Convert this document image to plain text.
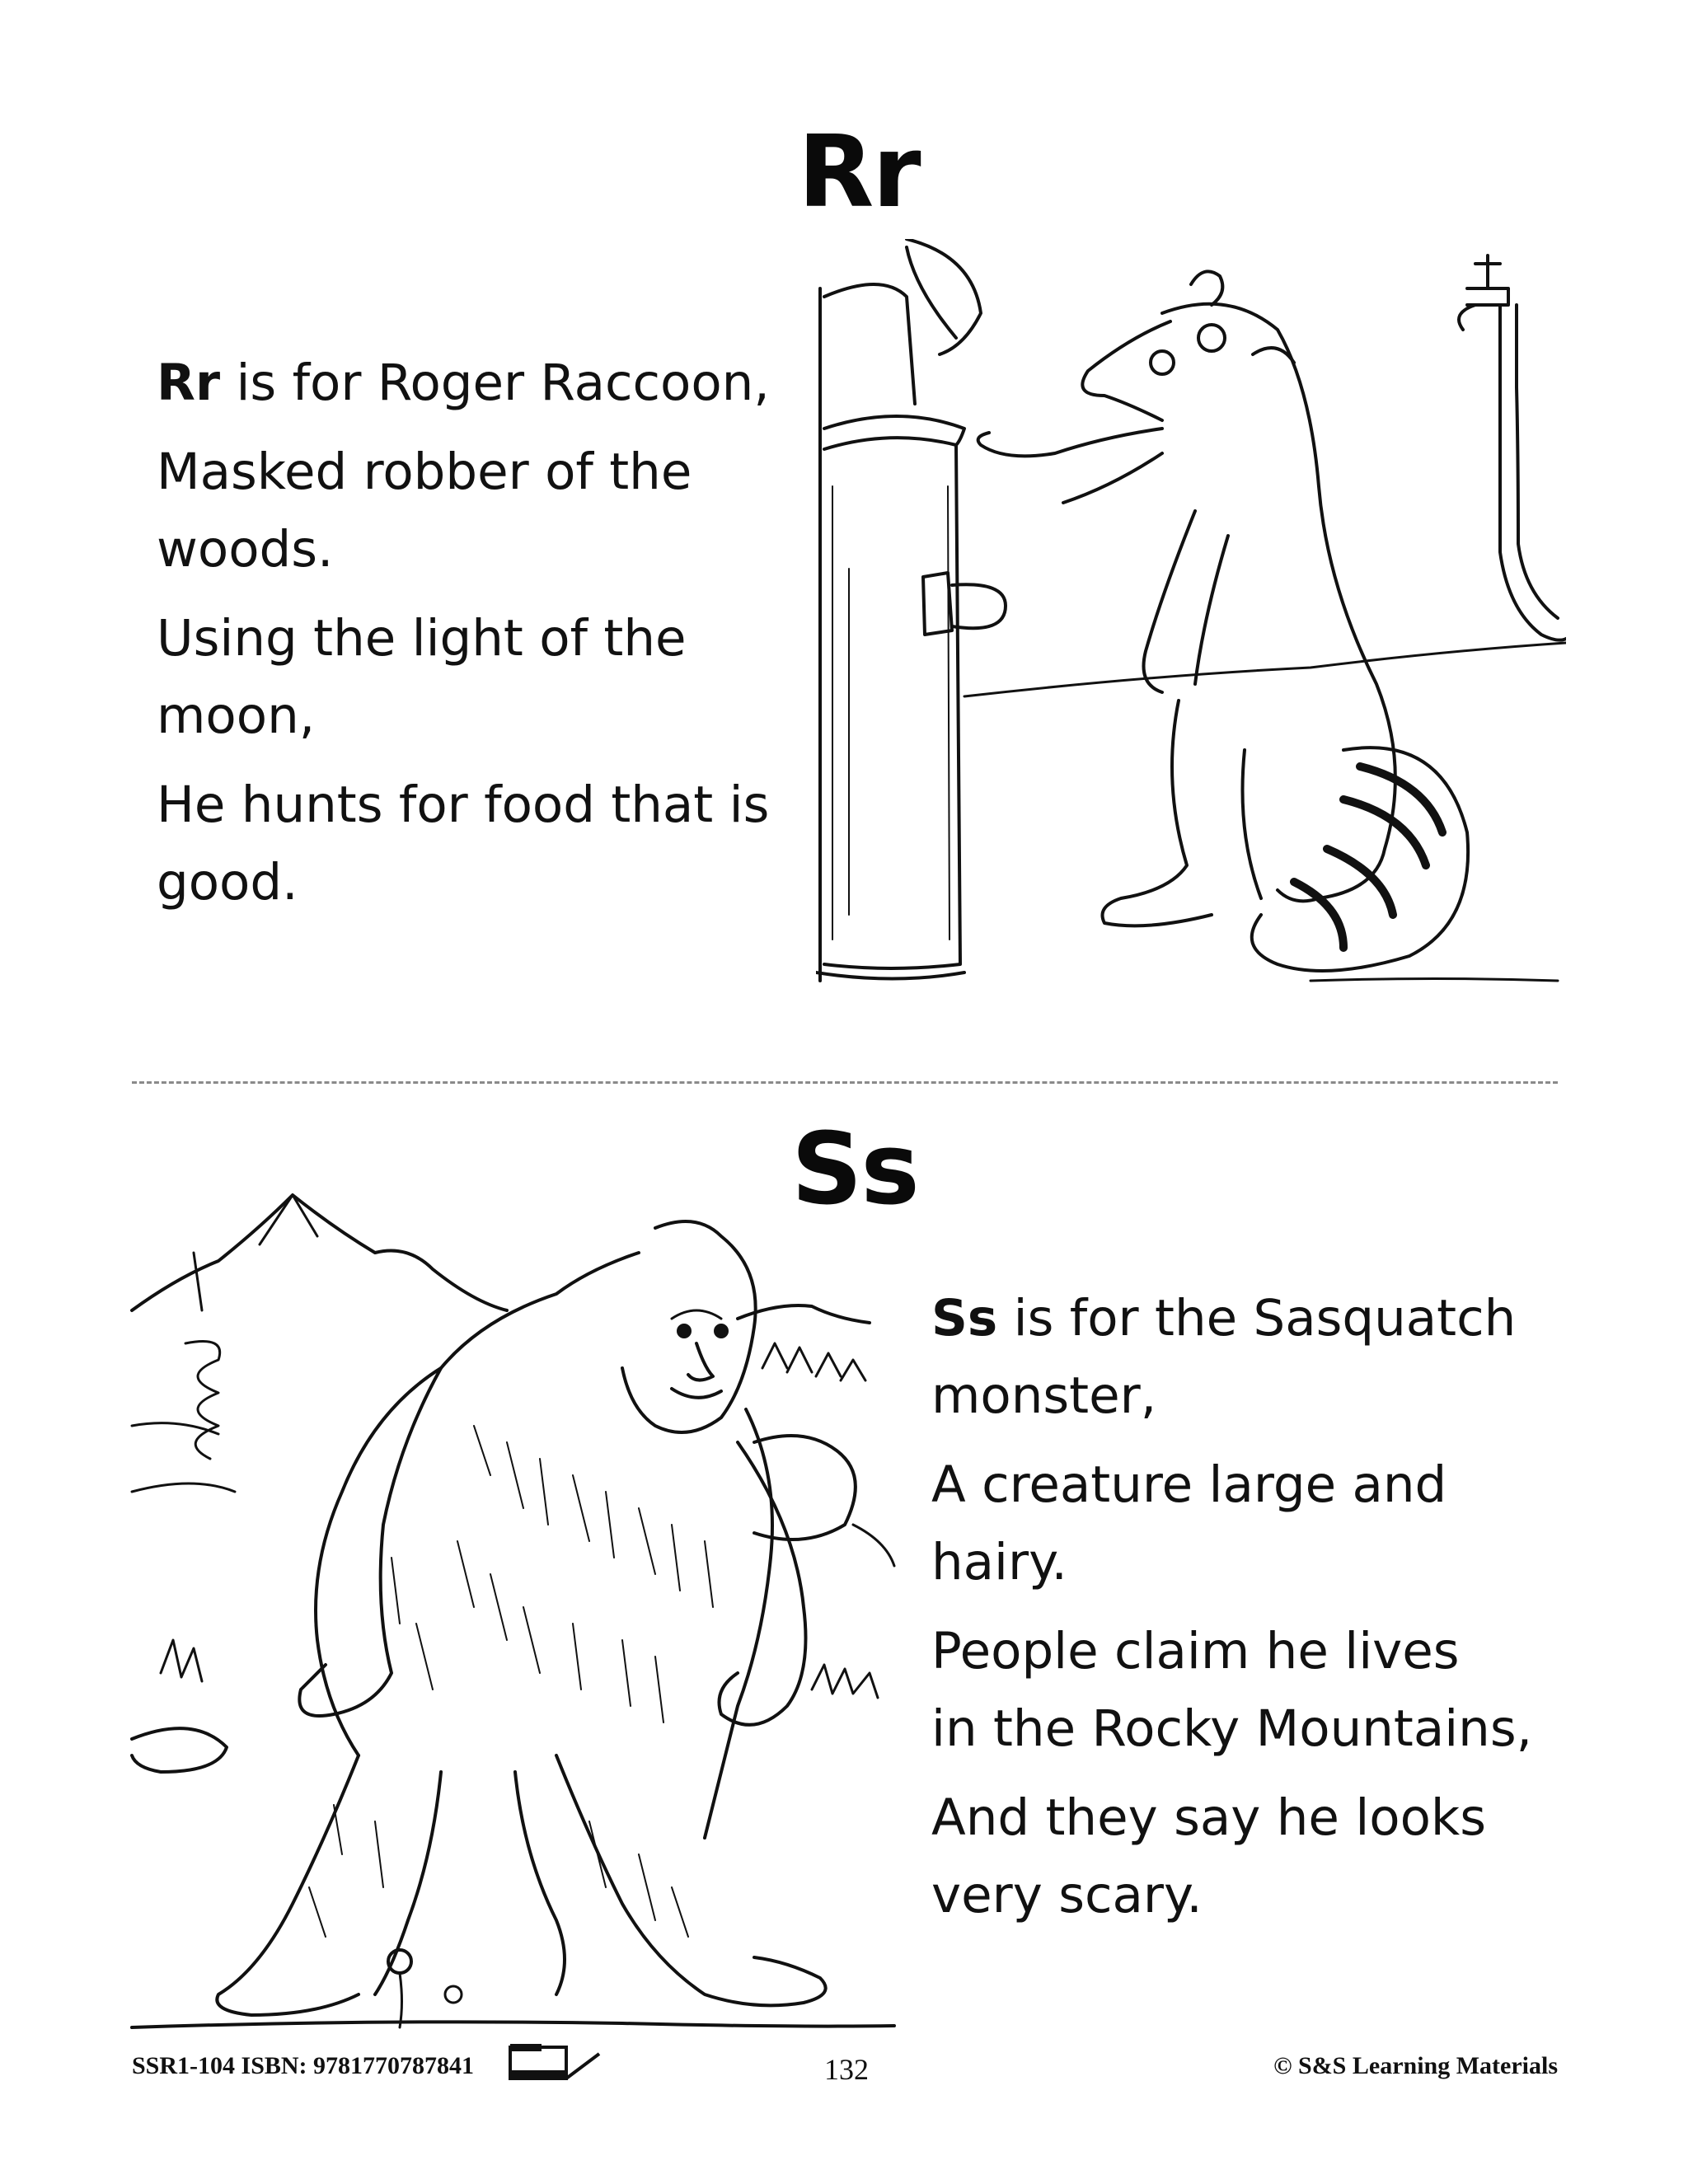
Rr
Rr is for Roger Raccoon,
Masked robber of the
woods.
Using the light of the
moon,
He hunts for food that is
good.
Ss
Ss is for the Sasquatch
monster,
A creature large and
hairy.
People claim he lives
in the Rocky Mountains,
And they say he looks
very scary.
SSR1-104 ISBN: 9781770787841	132	© S&S Learning Materials
